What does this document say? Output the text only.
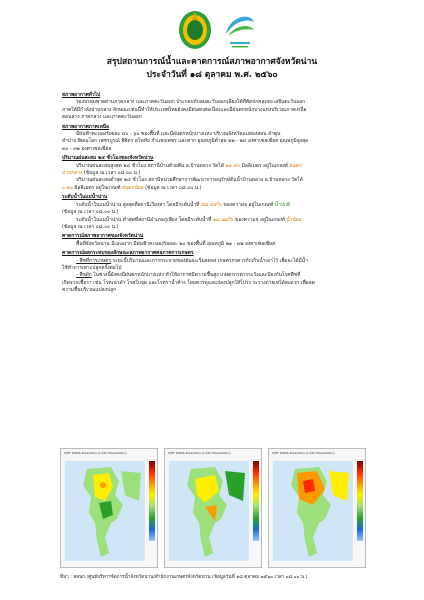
สรุปสถานการณ์น้ำและคาดการณ์สภาพอากาศจังหวัดน่าน
ประจำวันที่ ๑๘ ตุลาคม พ.ศ. ๒๕๖๐
สภาพอากาศทั่วไป

ร่องมรสุมพาดผ่านภาคกลาง และภาคตะวันออก ประกอบกับลมตะวันออกเฉียงใต้ที่พัดปกคลุมทะเลจีนตะวันออก

ภาคใต้มีกำลังปานกลาง ลักษณะเช่นนี้ทำให้ประเทศไทยยังคงมีฝนตกต่อเนื่องและมีฝนตกหนักบางแห่งบริเวณภาคเหนือ

ตอนล่าง ภาคกลาง และภาคตะวันออก

สภาพอากาศภาคเหนือ

มีฝนฟ้าคะนองร้อยละ ๔๐ - ๖๐ ของพื้นที่ และมีฝนตกหนักบางแห่ง บริเวณจังหวัดแม่ฮ่องสอน ลำพูน

ลำปาง พิษณุโลก เพชรบูรณ์ พิจิตร สุโขทัย กำแพงเพชร และตาก อุณหภูมิต่ำสุด ๒๒ - ๒๔ องศาเซลเซียส อุณหภูมิสูงสุด

๓๐ - ๓๒ องศาเซลเซียส

ปริมาณฝนสะสม ๒๔ ชั่วโมงของจังหวัดน่าน

ปริมาณฝนสะสมสูงสุด ๒๔ ชั่วโมง สถานีบ้านห้วยตีน อ.บ้านหลวง วัดได้ ๒๑.๕๐ มิลลิเมตร อยู่ในเกณฑ์ ฝนตก

ปานกลาง (ข้อมูล ณ เวลา ๐๘.๐๐ น.)

ปริมาณฝนสะสมต่ำสุด ๒๔ ชั่วโมง สถานีหน่วยศึกษาการพัฒนาการอนุรักษ์ต้นน้ำบ้านหลวง อ.บ้านหลวง วัดได้

๐.๒๐ มิลลิเมตร อยู่ในเกณฑ์ ฝนตกน้อย (ข้อมูล ณ เวลา ๐๘.๐๐ น.)

ระดับน้ำในแม่น้ำน่าน

ระดับน้ำในแม่น้ำน่าน สูงสุดที่สถานีเวียงสา โดยมีระดับน้ำที่ ๕๘.๕๙% ของความจุ อยู่ในเกณฑ์ น้ำปกติ

(ข้อมูล ณ เวลา ๐๘.๐๐ น.)

ระดับน้ำในแม่น้ำน่าน ต่ำสุดที่สถานีอำเภอภูเพียง โดยมีระดับน้ำที่ ๑๘.๗๘% ของความจุ อยู่ในเกณฑ์ น้ำน้อย

(ข้อมูล ณ เวลา ๐๘.๐๐ น.)

คาดการณ์สภาพอากาศของจังหวัดน่าน

พื้นที่จังหวัดน่าน มีเมฆมาก มีฝนฟ้าคะนองร้อยละ ๒๐ ของพื้นที่ อุณหภูมิ ๒๑ - ๓๒ องศาเซลเซียส

คาดการณ์ผลกระทบของลักษณะสภาพอากาศต่อภาคการเกษตร

- พืชที่การเกษตร ระยะนี้ปริมาณและการกระจายของฝนจะเริ่มลดลง เกษตรกรควรกักเก็บน้ำเอาไว้ เพื่อจะได้มีน้ำ

ใช้ทำการเพาะปลูกครั้งต่อไป

- พืชผัก ในช่วงนี้ยังคงมีฝนตกหนักบางแห่ง ทำให้อากาศมีความชื้นสูง เกษตรกรควรระวังและป้องกันโรคพืชที่

เกิดจากเชื้อรา เช่น โรคเน่าดำ โรคใบจุด และโรคราน้ำค้าง โดยควรดูแลแปลงปลูกให้โปร่ง ระวางถ่ายเทได้สะดวก เพื่อลด

ความชื้นบริเวณแปลงปลูก

WRF ROMS Prediction of 24h Precipitation	WRF ROMS Prediction of 24h Precipitation	WRF ROMS Prediction of 24h Precipitation
ที่มา : สสนก./ศูนย์บริหารจัดการน้ำจังหวัดน่าน/สำนักงานเกษตรจังหวัดน่าน (ข้อมูลวันที่ ๑๘ ตุลาคม ๒๕๖๐ เวลา ๐๘.๐๐ น.)
